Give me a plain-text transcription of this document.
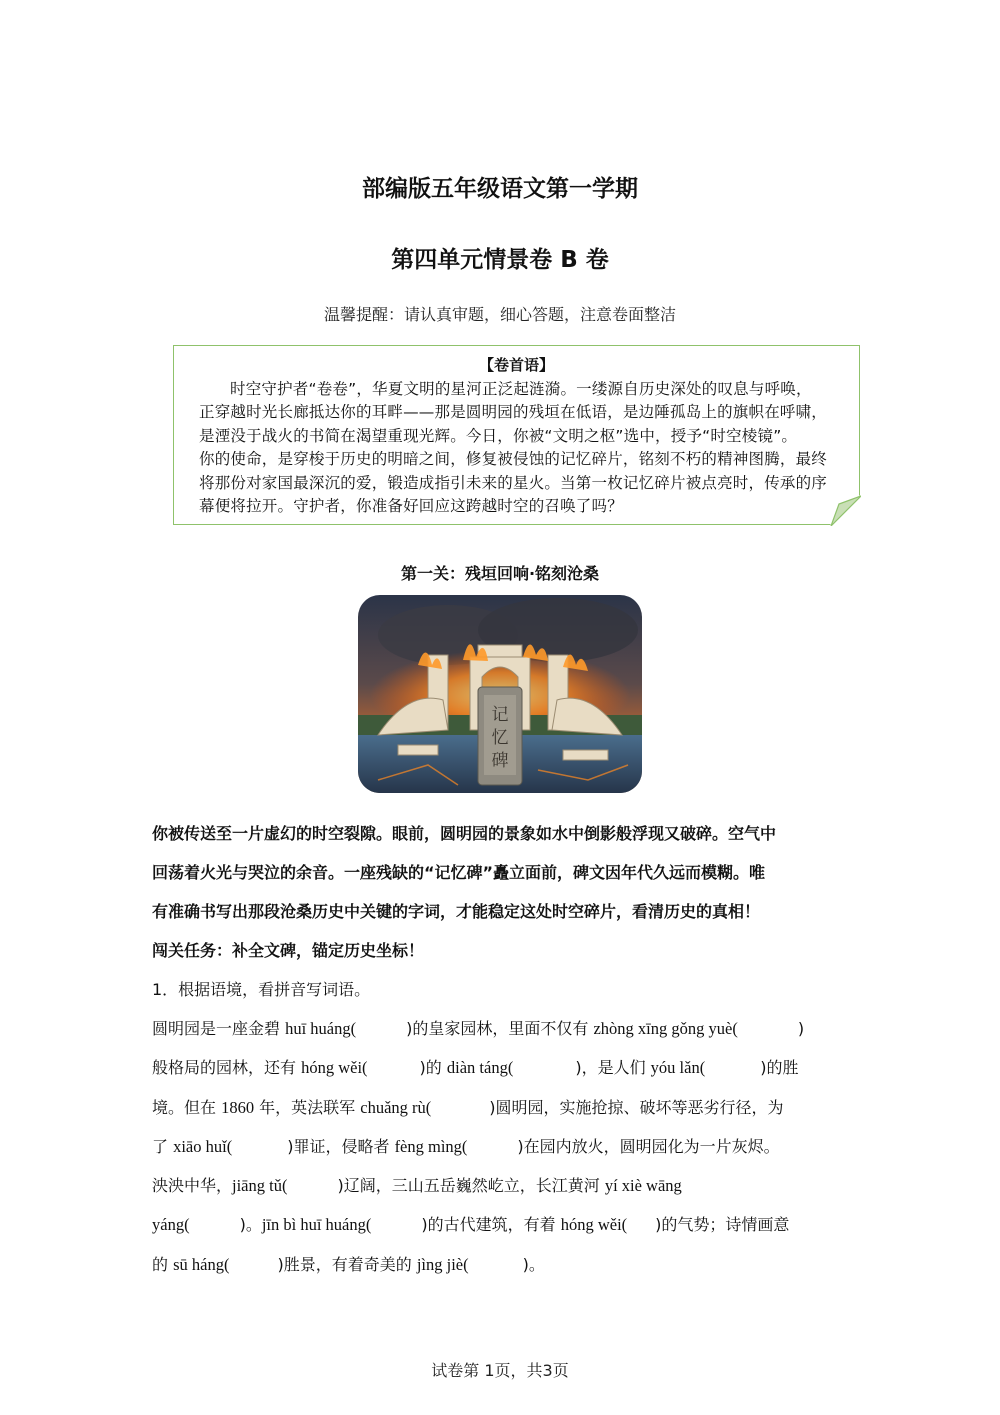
部编版五年级语文第一学期
第四单元情景卷 B 卷
温馨提醒：请认真审题，细心答题，注意卷面整洁
【卷首语】
时空守护者“卷卷”，华夏文明的星河正泛起涟漪。一缕源自历史深处的叹息与呼唤，
正穿越时光长廊抵达你的耳畔——那是圆明园的残垣在低语，是边陲孤岛上的旗帜在呼啸，
是湮没于战火的书简在渴望重现光辉。今日，你被“文明之枢”选中，授予“时空棱镜”。
你的使命，是穿梭于历史的明暗之间，修复被侵蚀的记忆碎片，铭刻不朽的精神图腾，最终
将那份对家国最深沉的爱，锻造成指引未来的星火。当第一枚记忆碎片被点亮时，传承的序
幕便将拉开。守护者，你准备好回应这跨越时空的召唤了吗？
第一关：残垣回响·铭刻沧桑
记
忆
碑
你被传送至一片虚幻的时空裂隙。眼前，圆明园的景象如水中倒影般浮现又破碎。空气中
回荡着火光与哭泣的余音。一座残缺的“记忆碑”矗立面前，碑文因年代久远而模糊。唯
有准确书写出那段沧桑历史中关键的字词，才能稳定这处时空碎片，看清历史的真相！
闯关任务：补全文碑，锚定历史坐标！
1．根据语境，看拼音写词语。
圆明园是一座金碧 huī huáng(	)的皇家园林，里面不仅有 zhòng xīng gǒng yuè(	)
般格局的园林，还有 hóng wěi(	)的 diàn táng(	)，是人们 yóu lǎn(	)的胜
境。但在 1860 年，英法联军 chuǎng rù(	)圆明园，实施抢掠、破坏等恶劣行径，为
了 xiāo huǐ(	)罪证，侵略者 fèng mìng(	)在园内放火，圆明园化为一片灰烬。
泱泱中华，jiāng tǔ(	)辽阔，三山五岳巍然屹立，长江黄河 yí xiè wāng
yáng(	)。jīn bì huī huáng(	)的古代建筑，有着 hóng wěi( )的气势；诗情画意
的 sū háng(	)胜景，有着奇美的 jìng jiè(	)。
试卷第 1页，共3页
